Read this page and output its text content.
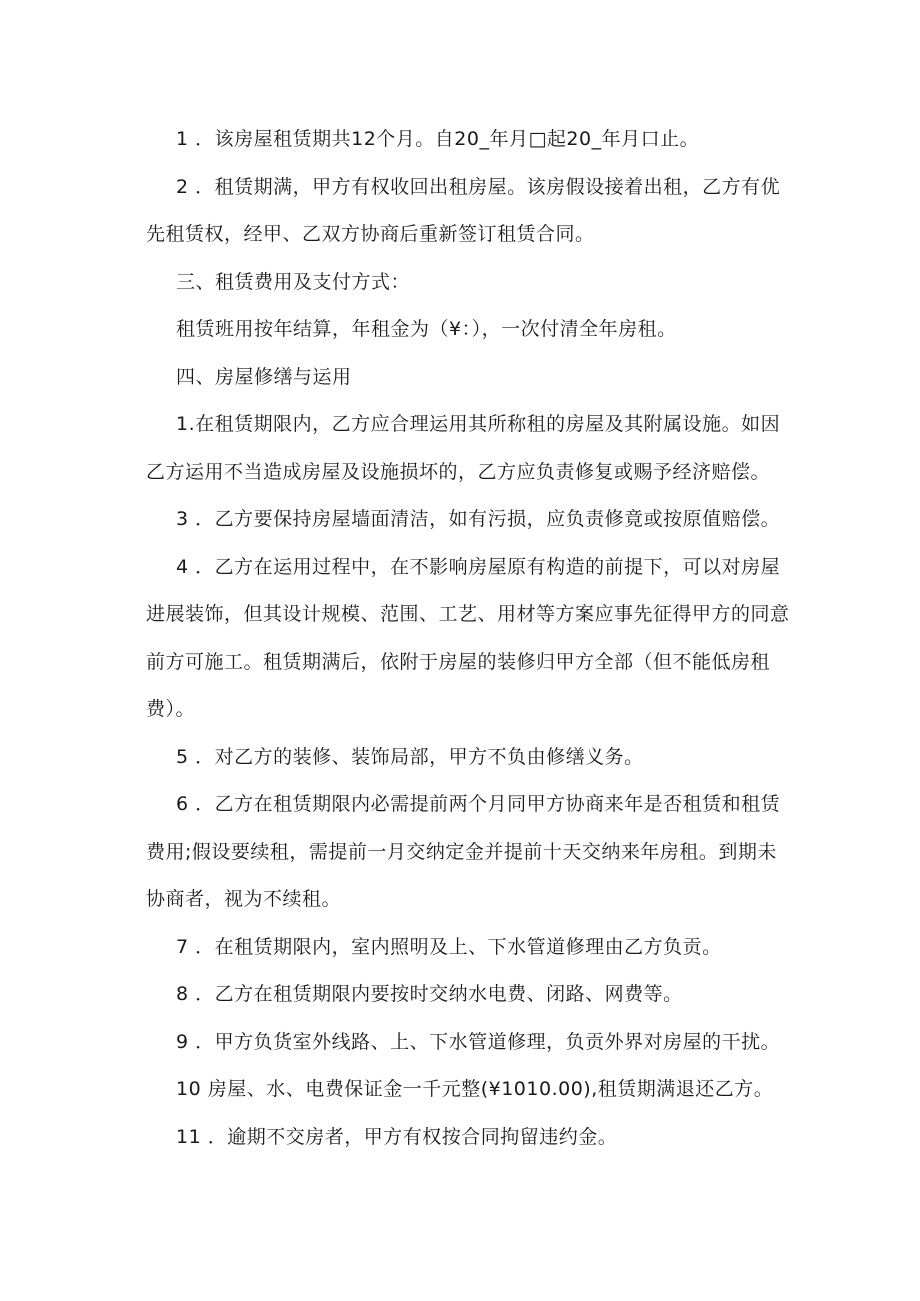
1 ．该房屋租赁期共12个月。自20_年月□起20_年月口止。

2 ．租赁期满，甲方有权收回出租房屋。该房假设接着出租，乙方有优先租赁权，经甲、乙双方协商后重新签订租赁合同。

三、租赁费用及支付方式：

租赁班用按年结算，年租金为（¥：），一次付清全年房租。

四、房屋修缮与运用

1.在租赁期限内，乙方应合理运用其所称租的房屋及其附属设施。如因乙方运用不当造成房屋及设施损坏的，乙方应负责修复或赐予经济赔偿。

3 ．乙方要保持房屋墙面清洁，如有污损，应负责修竟或按原值赔偿。

4 ．乙方在运用过程中，在不影响房屋原有构造的前提下，可以对房屋进展装饰，但其设计规模、范围、工艺、用材等方案应事先征得甲方的同意前方可施工。租赁期满后，依附于房屋的装修归甲方全部（但不能低房租费）。

5 ．对乙方的装修、装饰局部，甲方不负由修缮义务。

6 ．乙方在租赁期限内必需提前两个月同甲方协商来年是否租赁和租赁费用;假设要续租，需提前一月交纳定金并提前十天交纳来年房租。到期未协商者，视为不续租。

7 ．在租赁期限内，室内照明及上、下水管道修理由乙方负贡。

8 ．乙方在租赁期限内要按时交纳水电费、闭路、网费等。

9 ．甲方负货室外线路、上、下水管道修理，负贡外界对房屋的干扰。

10 房屋、水、电费保证金一千元整(¥1010.00),租赁期满退还乙方。

11 ．逾期不交房者，甲方有权按合同拘留违约金。
